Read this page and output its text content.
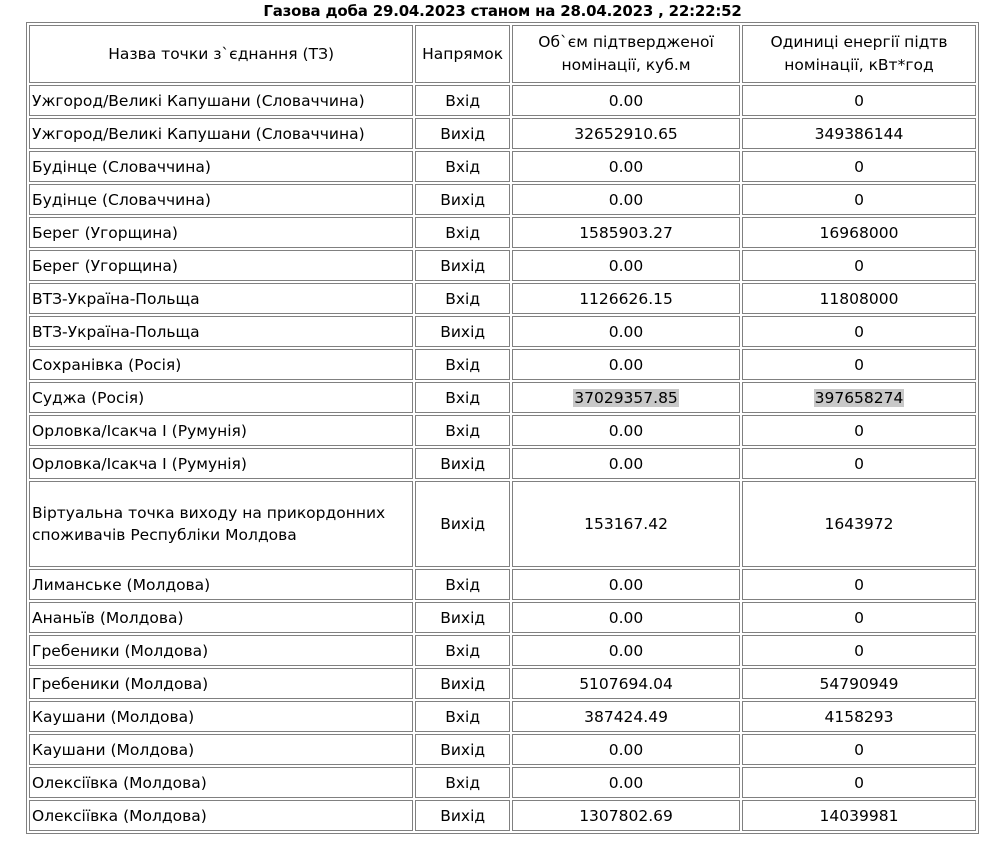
Газова доба 29.04.2023 станом на 28.04.2023 , 22:22:52
Назва точки з`єднання (ТЗ)	Напрямок	Об`єм підтвердженої номінації, куб.м	Одиниці енергії підтв номінації, кВт*год
Ужгород/Великі Капушани (Словаччина)	Вхід	0.00	0
Ужгород/Великі Капушани (Словаччина)	Вихід	32652910.65	349386144
Будінце (Словаччина)	Вхід	0.00	0
Будінце (Словаччина)	Вихід	0.00	0
Берег (Угорщина)	Вхід	1585903.27	16968000
Берег (Угорщина)	Вихід	0.00	0
ВТЗ-Україна-Польща	Вхід	1126626.15	11808000
ВТЗ-Україна-Польща	Вихід	0.00	0
Сохранівка (Росія)	Вхід	0.00	0
Суджа (Росія)	Вхід	37029357.85	397658274
Орловка/Ісакча I (Румунія)	Вхід	0.00	0
Орловка/Ісакча I (Румунія)	Вихід	0.00	0
Віртуальна точка виходу на прикордонних споживачів Республіки Молдова	Вихід	153167.42	1643972
Лиманське (Молдова)	Вхід	0.00	0
Ананьїв (Молдова)	Вихід	0.00	0
Гребеники (Молдова)	Вхід	0.00	0
Гребеники (Молдова)	Вихід	5107694.04	54790949
Каушани (Молдова)	Вхід	387424.49	4158293
Каушани (Молдова)	Вихід	0.00	0
Олексіївка (Молдова)	Вхід	0.00	0
Олексіївка (Молдова)	Вихід	1307802.69	14039981
